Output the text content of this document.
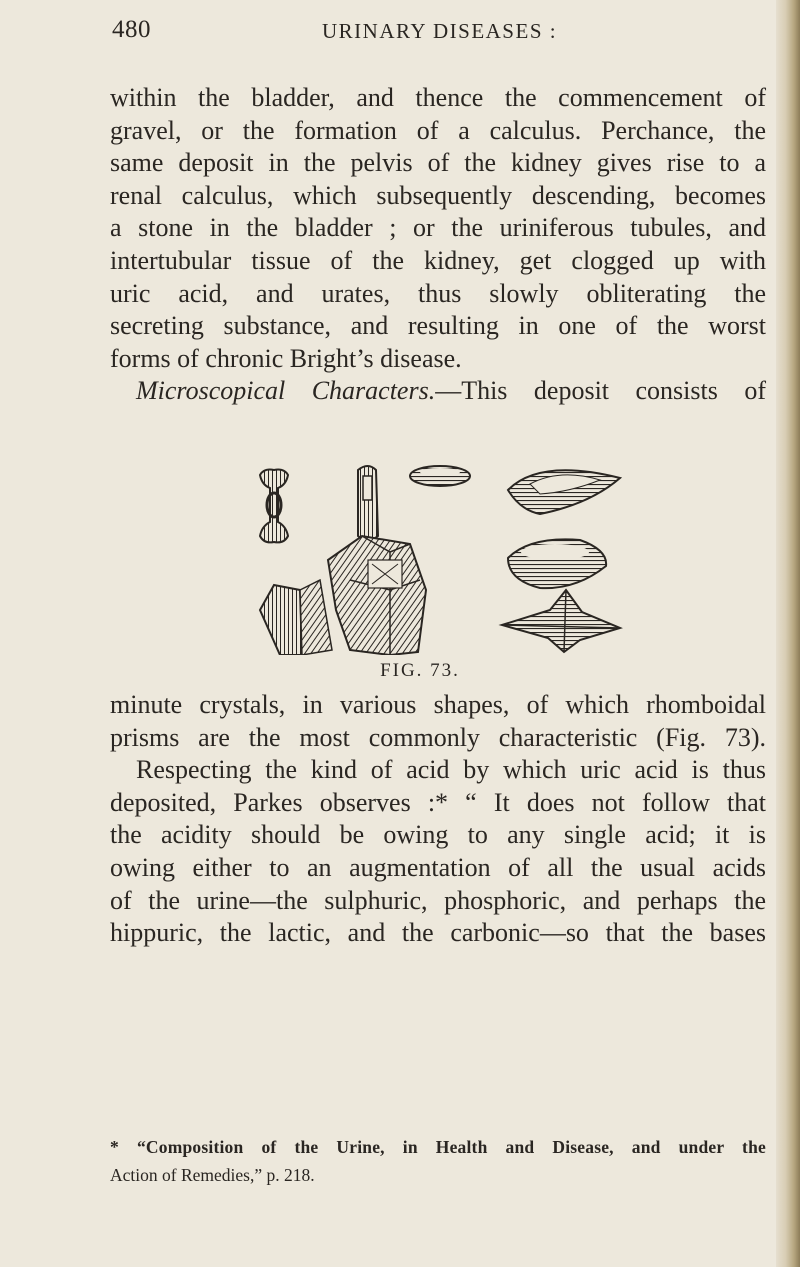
480	URINARY DISEASES :

within the bladder, and thence the commencement of

gravel, or the formation of a calculus. Perchance, the

same deposit in the pelvis of the kidney gives rise to a

renal calculus, which subsequently descending, becomes

a stone in the bladder ; or the uriniferous tubules, and

intertubular tissue of the kidney, get clogged up with

uric acid, and urates, thus slowly obliterating the

secreting substance, and resulting in one of the worst

forms of chronic Bright’s disease.

Microscopical Characters.—This deposit consists of

FIG. 73.

minute crystals, in various shapes, of which rhomboidal

prisms are the most commonly characteristic (Fig. 73).

Respecting the kind of acid by which uric acid is thus

deposited, Parkes observes :* “ It does not follow that

the acidity should be owing to any single acid; it is

owing either to an augmentation of all the usual acids

of the urine—the sulphuric, phosphoric, and perhaps the

hippuric, the lactic, and the carbonic—so that the bases

* “Composition of the Urine, in Health and Disease, and under the

Action of Remedies,” p. 218.
